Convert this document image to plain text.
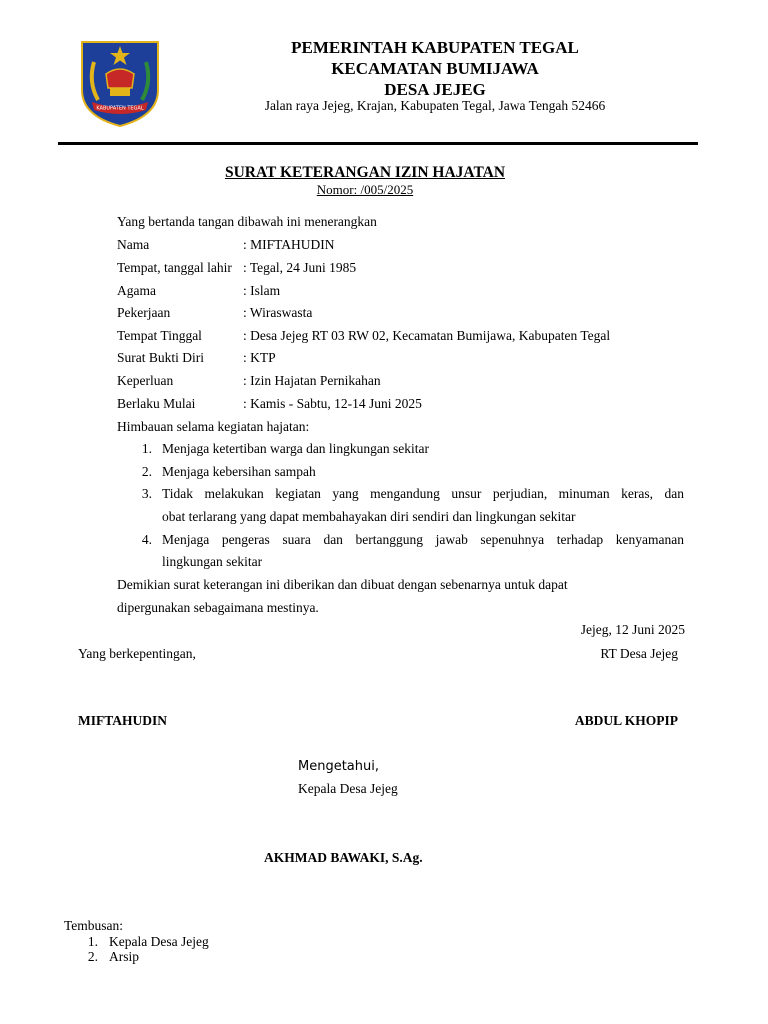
KABUPATEN TEGAL
PEMERINTAH KABUPATEN TEGAL
KECAMATAN BUMIJAWA
DESA JEJEG
Jalan raya Jejeg, Krajan, Kabupaten Tegal, Jawa Tengah 52466
SURAT KETERANGAN IZIN HAJATAN
Nomor: /005/2025
Yang bertanda tangan dibawah ini menerangkan
Nama	: MIFTAHUDIN
Tempat, tanggal lahir : Tegal, 24 Juni 1985
Agama	: Islam
Pekerjaan	: Wiraswasta
Tempat Tinggal	: Desa Jejeg RT 03 RW 02, Kecamatan Bumijawa, Kabupaten Tegal
Surat Bukti Diri	: KTP
Keperluan	: Izin Hajatan Pernikahan
Berlaku Mulai	: Kamis - Sabtu, 12-14 Juni 2025
Himbauan selama kegiatan hajatan:
1. Menjaga ketertiban warga dan lingkungan sekitar
2. Menjaga kebersihan sampah
3. Tidak melakukan kegiatan yang mengandung unsur perjudian, minuman keras, dan
obat terlarang yang dapat membahayakan diri sendiri dan lingkungan sekitar
4. Menjaga pengeras suara dan bertanggung jawab sepenuhnya terhadap kenyamanan
lingkungan sekitar
Demikian surat keterangan ini diberikan dan dibuat dengan sebenarnya untuk dapat
dipergunakan sebagaimana mestinya.
Jejeg, 12 Juni 2025
Yang berkepentingan,	RT Desa Jejeg
MIFTAHUDIN	ABDUL KHOPIP
Mengetahui,
Kepala Desa Jejeg
AKHMAD BAWAKI, S.Ag.
Tembusan:
1. Kepala Desa Jejeg
2. Arsip
